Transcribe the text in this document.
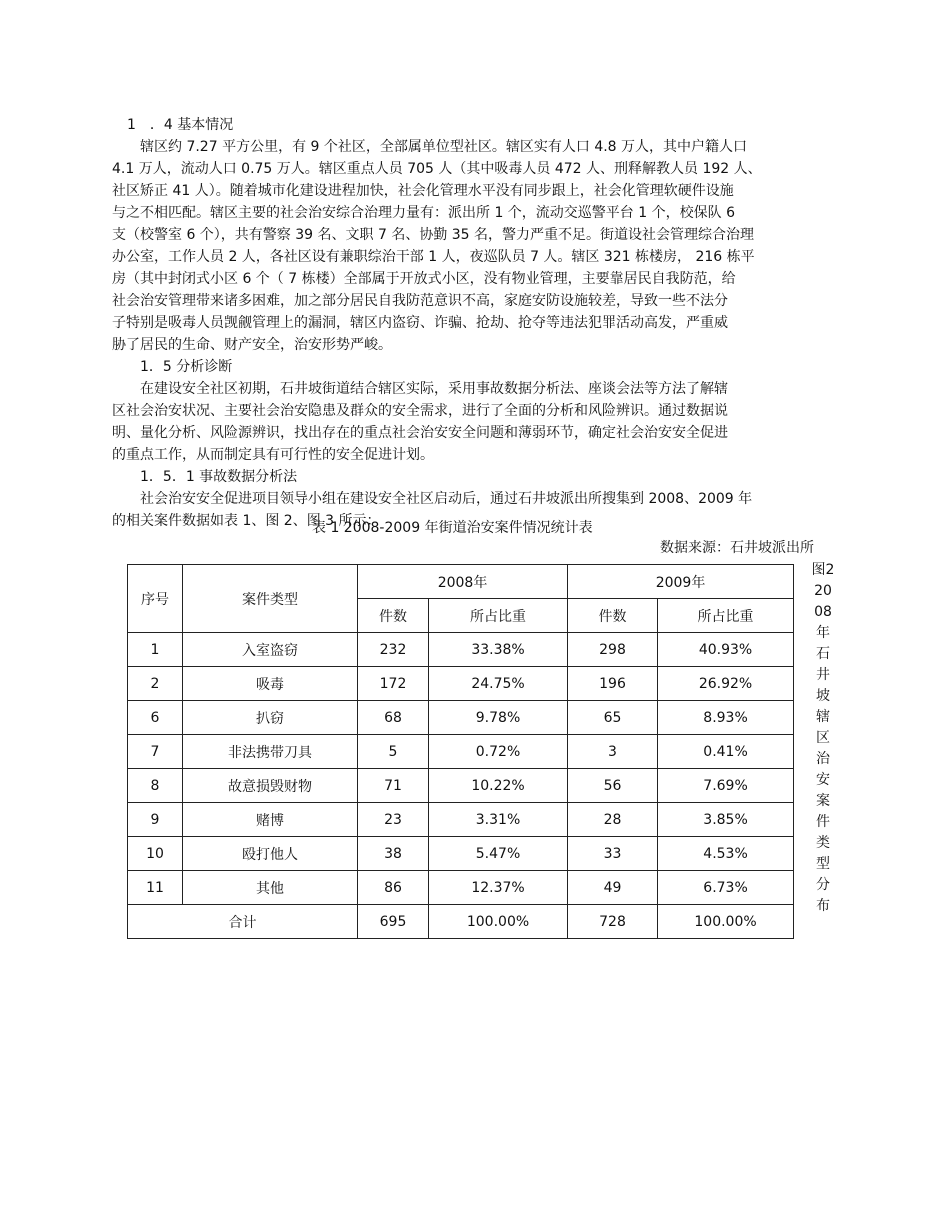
1　．4 基本情况
　　辖区约 7.27 平方公里，有 9 个社区，全部属单位型社区。辖区实有人口 4.8 万人，其中户籍人口
4.1 万人，流动人口 0.75 万人。辖区重点人员 705 人（其中吸毒人员 472 人、刑释解教人员 192 人、
社区矫正 41 人）。随着城市化建设进程加快，社会化管理水平没有同步跟上，社会化管理软硬件设施
与之不相匹配。辖区主要的社会治安综合治理力量有：派出所 1 个，流动交巡警平台 1 个，校保队 6
支（校警室 6 个），共有警察 39 名、文职 7 名、协勤 35 名，警力严重不足。街道设社会管理综合治理
办公室，工作人员 2 人，各社区设有兼职综治干部 1 人，夜巡队员 7 人。辖区 321 栋楼房， 216 栋平
房（其中封闭式小区 6 个（ 7 栋楼）全部属于开放式小区，没有物业管理，主要靠居民自我防范，给
社会治安管理带来诸多困难，加之部分居民自我防范意识不高，家庭安防设施较差，导致一些不法分
子特别是吸毒人员觊觎管理上的漏洞，辖区内盗窃、诈骗、抢劫、抢夺等违法犯罪活动高发，严重威
胁了居民的生命、财产安全，治安形势严峻。
　　1．5 分析诊断
　　在建设安全社区初期，石井坡街道结合辖区实际，采用事故数据分析法、座谈会法等方法了解辖
区社会治安状况、主要社会治安隐患及群众的安全需求，进行了全面的分析和风险辨识。通过数据说
明、量化分析、风险源辨识，找出存在的重点社会治安安全问题和薄弱环节，确定社会治安安全促进
的重点工作，从而制定具有可行性的安全促进计划。
　　1．5．1 事故数据分析法
　　社会治安安全促进项目领导小组在建设安全社区启动后，通过石井坡派出所搜集到 2008、2009 年
的相关案件数据如表 1、图 2、图 3 所示：
表 1 2008-2009 年街道治安案件情况统计表
数据来源：石井坡派出所
序号	案件类型	2008年		2009年	
		件数	所占比重	件数	所占比重
1	入室盗窃	232	33.38%	298	40.93%
2	吸毒	172	24.75%	196	26.92%
6	扒窃	68	9.78%	65	8.93%
7	非法携带刀具	5	0.72%	3	0.41%
8	故意损毁财物	71	10.22%	56	7.69%
9	赌博	23	3.31%	28	3.85%
10	殴打他人	38	5.47%	33	4.53%
11	其他	86	12.37%	49	6.73%
合计		695	100.00%	728	100.00%
图2 2008年石井坡辖区治安案件类型分布
